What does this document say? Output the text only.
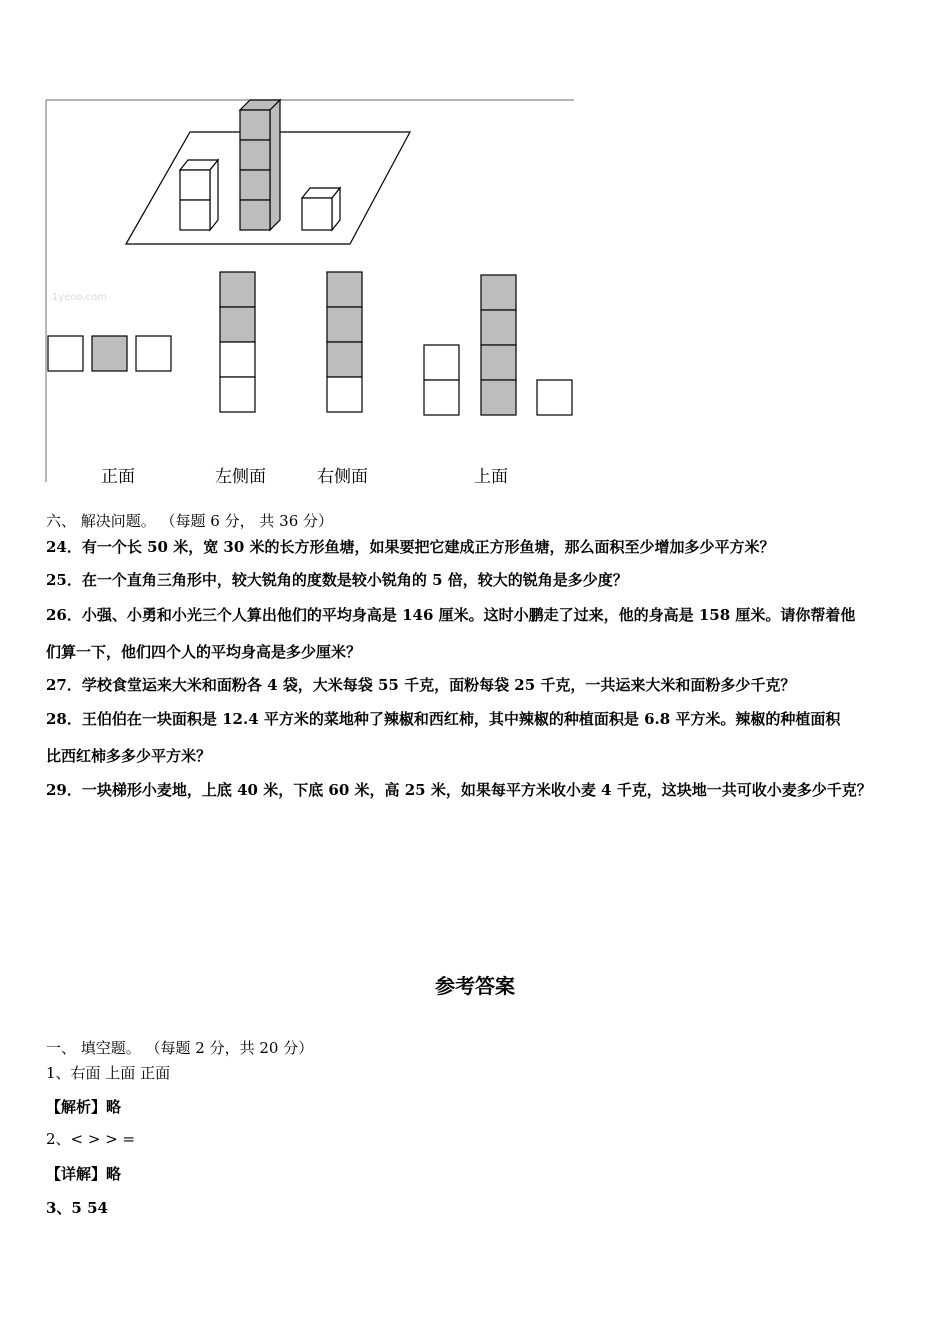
1yeoo.com
正面	左侧面	右侧面	上面
六、 解决问题。 （每题 6 分， 共 36 分）
24．有一个长 50 米，宽 30 米的长方形鱼塘，如果要把它建成正方形鱼塘，那么面积至少增加多少平方米？
25．在一个直角三角形中，较大锐角的度数是较小锐角的 5 倍，较大的锐角是多少度？
26．小强、小勇和小光三个人算出他们的平均身高是 146 厘米。这时小鹏走了过来，他的身高是 158 厘米。请你帮着他
们算一下，他们四个人的平均身高是多少厘米？
27．学校食堂运来大米和面粉各 4 袋，大米每袋 55 千克，面粉每袋 25 千克，一共运来大米和面粉多少千克？
28．王伯伯在一块面积是 12.4 平方米的菜地种了辣椒和西红柿，其中辣椒的种植面积是 6.8 平方米。辣椒的种植面积
比西红柿多多少平方米？
29．一块梯形小麦地，上底 40 米，下底 60 米，高 25 米，如果每平方米收小麦 4 千克，这块地一共可收小麦多少千克？
参考答案
一、 填空题。 （每题 2 分，共 20 分）
1、右面 上面 正面
【解析】略
2、< > > =
【详解】略
3、5 54
